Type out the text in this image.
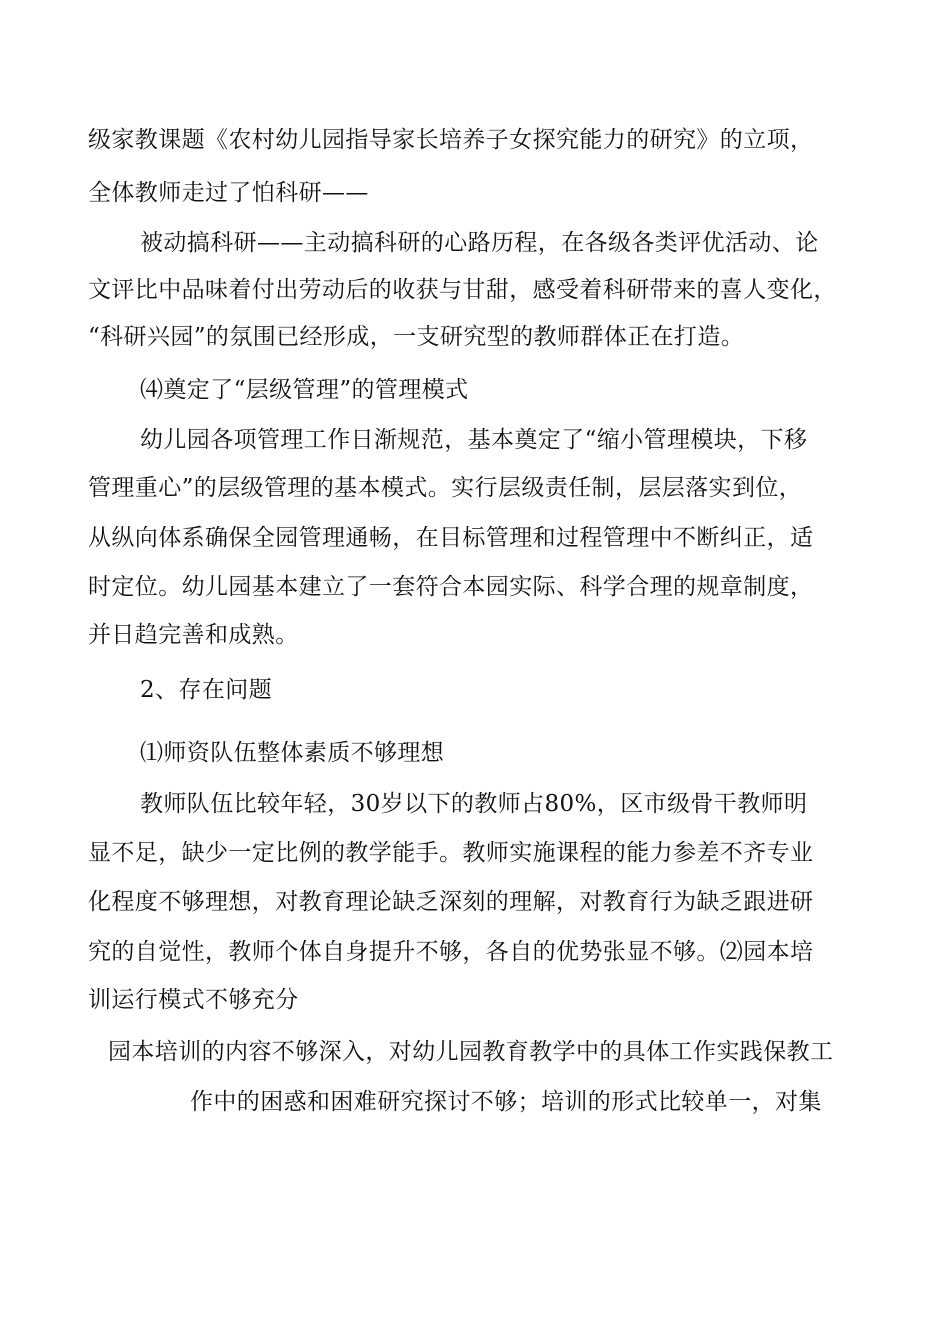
级家教课题《农村幼儿园指导家长培养子女探究能力的研究》的立项，
全体教师走过了怕科研——
被动搞科研——主动搞科研的心路历程，在各级各类评优活动、论
文评比中品味着付出劳动后的收获与甘甜，感受着科研带来的喜人变化，
“科研兴园”的氛围已经形成，一支研究型的教师群体正在打造。
⑷奠定了“层级管理”的管理模式
幼儿园各项管理工作日渐规范，基本奠定了“缩小管理模块，下移
管理重心”的层级管理的基本模式。实行层级责任制，层层落实到位，
从纵向体系确保全园管理通畅，在目标管理和过程管理中不断纠正，适
时定位。幼儿园基本建立了一套符合本园实际、科学合理的规章制度，
并日趋完善和成熟。
2、存在问题
⑴师资队伍整体素质不够理想
教师队伍比较年轻，30岁以下的教师占80%，区市级骨干教师明
显不足，缺少一定比例的教学能手。教师实施课程的能力参差不齐专业
化程度不够理想，对教育理论缺乏深刻的理解，对教育行为缺乏跟进研
究的自觉性，教师个体自身提升不够，各自的优势张显不够。⑵园本培
训运行模式不够充分
园本培训的内容不够深入，对幼儿园教育教学中的具体工作实践保教工
作中的困惑和困难研究探讨不够；培训的形式比较单一，对集
